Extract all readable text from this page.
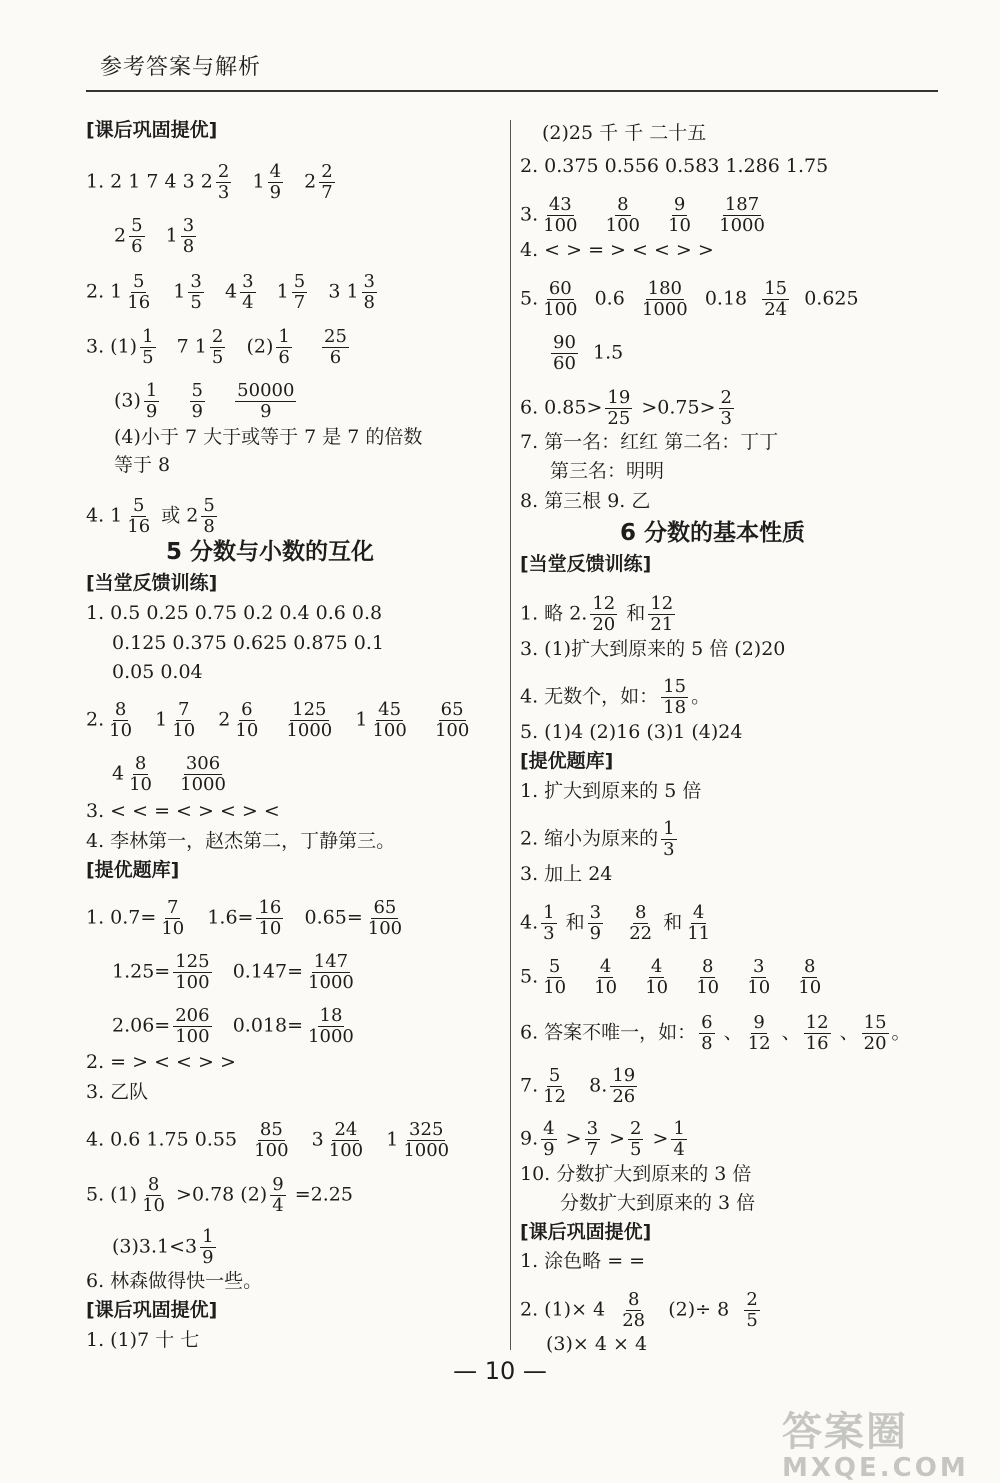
参考答案与解析
[课后巩固提优]
1. 2 1 7 4 3 $2 \frac{2}{3} 1 \frac{4}{9} 2 \frac{2}{7}$
$2 \frac{5}{6} 1 \frac{3}{8}$
2. $1 \frac{5}{16} 1 \frac{3}{5} 4 \frac{3}{4} 1 \frac{5}{7} 3$ $1 \frac{3}{8}$
3. $(1) \frac{1}{5} 7$ $1 \frac{2}{5} (2) \frac{1}{6}$
$\frac{25}{6}$
$(3) \frac{1}{9}$
$\frac{5}{9}$
$\frac{50000}{9}$
(4)小于 7 大于或等于 7 是 7 的倍数
等于 8
4. $1 \frac{5}{16}$ 或 $2 \frac{5}{8}$
5 分数与小数的互化
[当堂反馈训练]
1. 0.5 0.25 0.75 0.2 0.4 0.6 0.8
0.125 0.375 0.625 0.875 0.1
0.05 0.04
2. $\frac{8}{10} 1 \frac{7}{10} 2 \frac{6}{10}$
$\frac{125}{1000} 1 \frac{45}{100}$
$\frac{65}{100}$
$4 \frac{8}{10}$
$\frac{306}{1000}$
3. < < = < > < > <
4. 李林第一，赵杰第二，丁静第三。
[提优题库]
1. $0.7= \frac{7}{10} 1.6= \frac{16}{10} 0.65= \frac{65}{100}$
$1.25= \frac{125}{100} 0.147= \frac{147}{1000}$
$2.06= \frac{206}{100} 0.018= \frac{18}{1000}$
2. = > < < > >
3. 乙队
4. 0.6 1.75 $0.55 \frac{85}{100} 3 \frac{24}{100} 1 \frac{325}{1000}$
5. $(1) \frac{8}{10} >0.78$ $(2) \frac{9}{4} =2.25$
$(3)3.1<3 \frac{1}{9}$
6. 林森做得快一些。
[课后巩固提优]
1. (1)7 十 七
(2)25 千 千 二十五
2. 0.375 0.556 0.583 1.286 1.75
3. $\frac{43}{100}$
$\frac{8}{100}$
$\frac{9}{10}$
$\frac{187}{1000}$
4. < > = > < < > >
5. $\frac{60}{100} 0.6 \frac{180}{1000} 0.18 \frac{15}{24} 0.625$
$\frac{90}{60} 1.5$
6. $0.85> \frac{19}{25} >0.75> \frac{2}{3}$
7. 第一名：红红 第二名：丁丁
第三名：明明
8. 第三根 9. 乙
6 分数的基本性质
[当堂反馈训练]
1. 略 2. $\frac{12}{20}$ 和 $\frac{12}{21}$
3. (1)扩大到原来的 5 倍 (2)20
4. 无数个，如： $\frac{15}{18}$ 。
5. (1)4 (2)16 (3)1 (4)24
[提优题库]
1. 扩大到原来的 5 倍
2. 缩小为原来的 $\frac{1}{3}$
3. 加上 24
4. $\frac{1}{3}$ 和 $\frac{3}{9}$
$\frac{8}{22}$ 和 $\frac{4}{11}$
5. $\frac{5}{10}$
$\frac{4}{10}$
$\frac{4}{10}$
$\frac{8}{10}$
$\frac{3}{10}$
$\frac{8}{10}$
6. 答案不唯一，如： $\frac{6}{8}$ 、 $\frac{9}{12}$ 、 $\frac{12}{16}$ 、 $\frac{15}{20}$ 。
7. $\frac{5}{12} 8$. $\frac{19}{26}$
9. $\frac{4}{9} > \frac{3}{7} > \frac{2}{5} > \frac{1}{4}$
10. 分数扩大到原来的 3 倍
分数扩大到原来的 3 倍
[课后巩固提优]
1. 涂色略 = =
2. $(1)\times 4 \frac{8}{28} (2)\div 8 \frac{2}{5}$
(3)× 4 × 4
— 10 —
答案圈
MXQE.COM
